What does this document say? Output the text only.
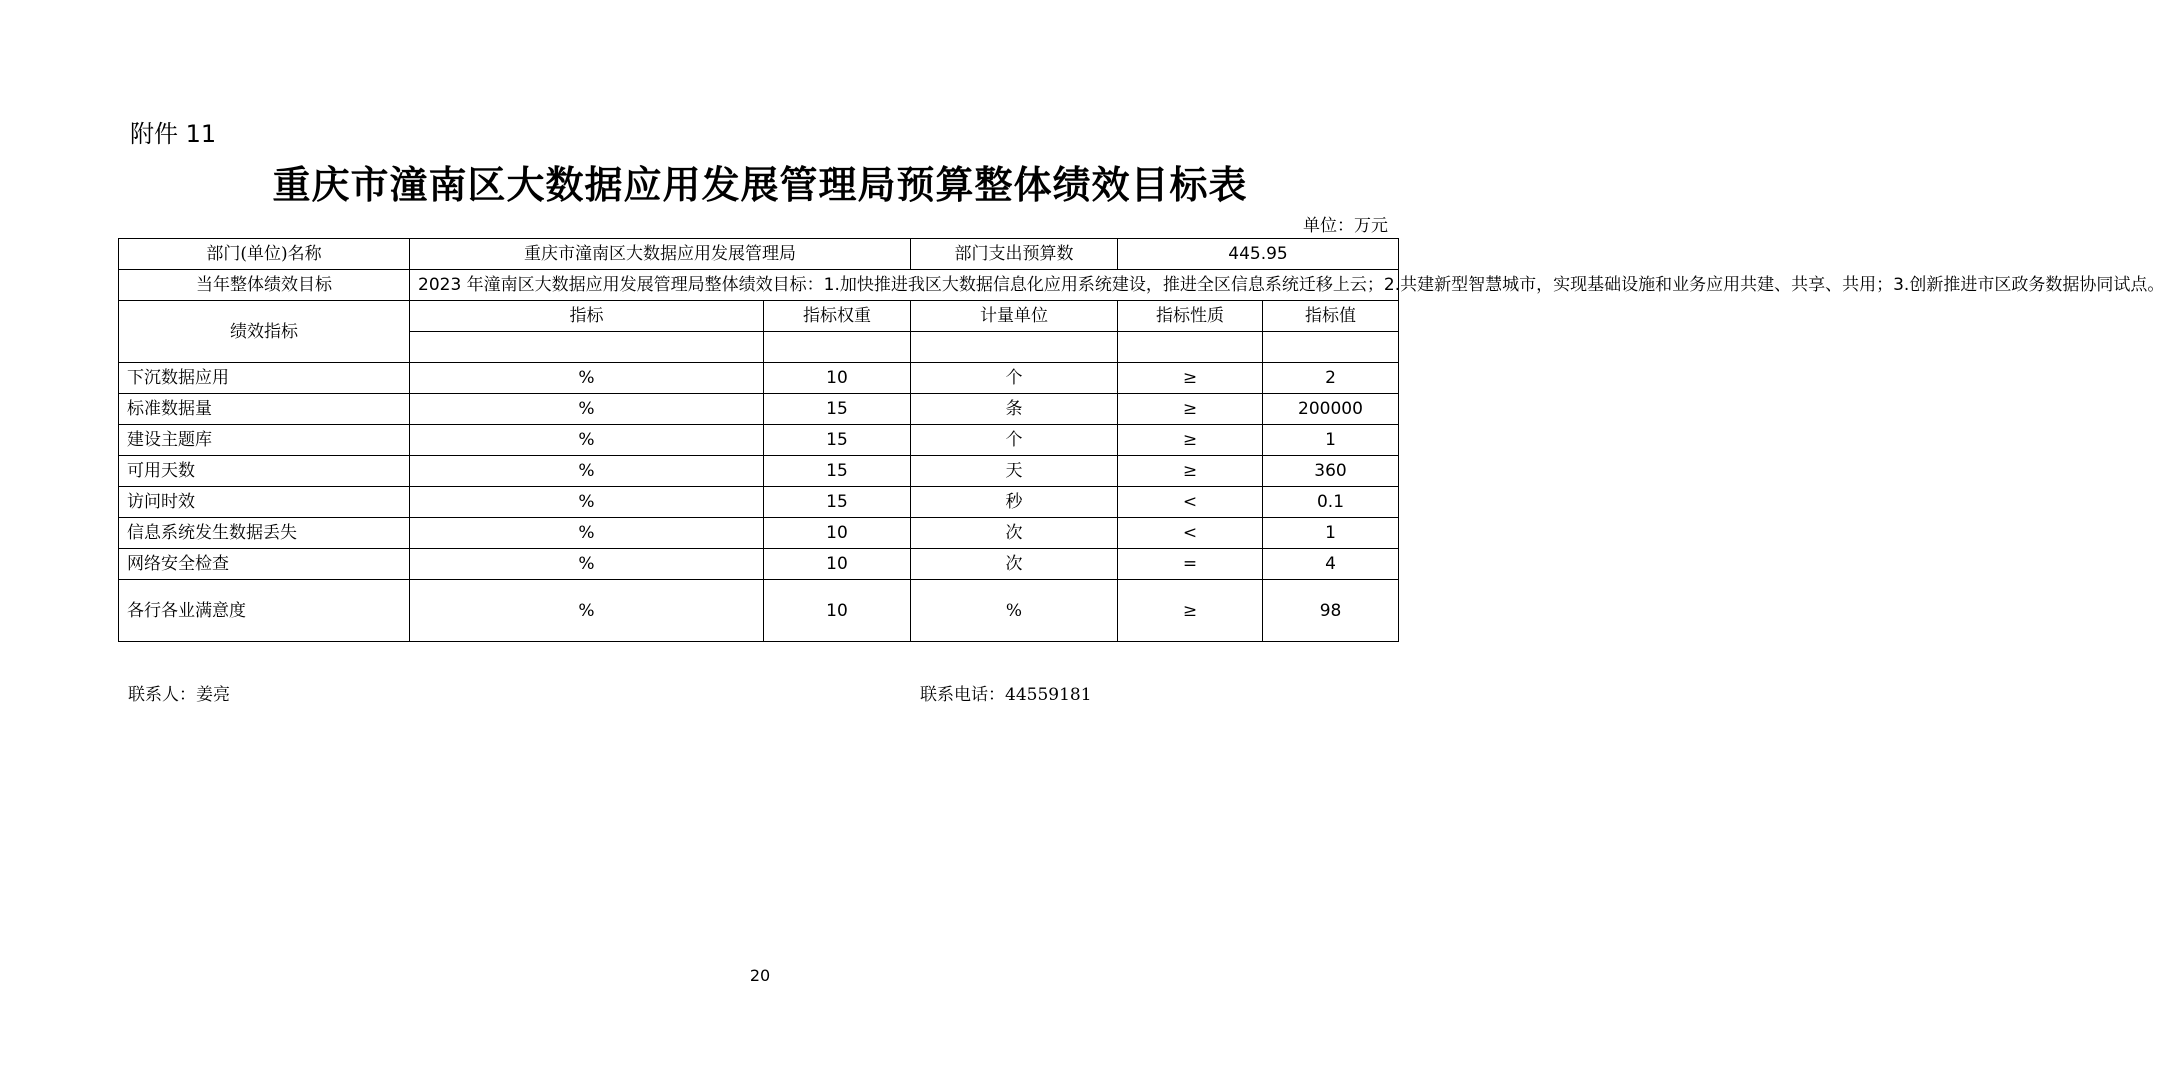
附件 11
重庆市潼南区大数据应用发展管理局预算整体绩效目标表
单位：万元
部门(单位)名称	重庆市潼南区大数据应用发展管理局		部门支出预算数	445.95	
当年整体绩效目标	2023 年潼南区大数据应用发展管理局整体绩效目标：1.加快推进我区大数据信息化应用系统建设，推进全区信息系统迁移上云；2.共建新型智慧城市，实现基础设施和业务应用共建、共享、共用；3.创新推进市区政务数据协同试点。				
绩效指标	指标	指标权重	计量单位	指标性质	指标值

下沉数据应用	%	10	个	≥	2
标准数据量	%	15	条	≥	200000
建设主题库	%	15	个	≥	1
可用天数	%	15	天	≥	360
访问时效	%	15	秒	<	0.1
信息系统发生数据丢失	%	10	次	<	1
网络安全检查	%	10	次	=	4
各行各业满意度	%	10	%	≥	98
联系人：姜亮	联系电话：44559181
20
